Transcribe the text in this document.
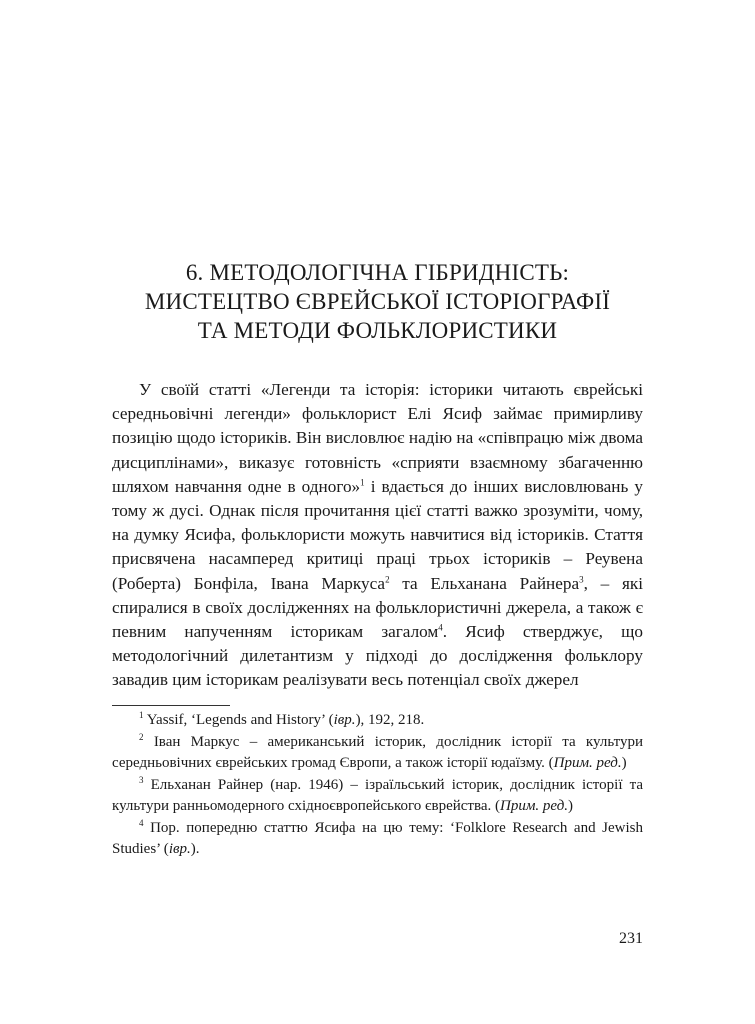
6. МЕТОДОЛОГІЧНА ГІБРИДНІСТЬ:
МИСТЕЦТВО ЄВРЕЙСЬКОЇ ІСТОРІОГРАФІЇ
ТА МЕТОДИ ФОЛЬКЛОРИСТИКИ

У своїй статті «Легенди та історія: історики читають єврейські середньовічні легенди» фольклорист Елі Ясиф займає примирливу позицію щодо істориків. Він висловлює надію на «співпрацю між двома дисциплінами», виказує готовність «сприяти взаємному збагаченню шляхом навчання одне в одного»$^1$ і вдається до інших висловлювань у тому ж дусі. Однак після прочитання цієї статті важко зрозуміти, чому, на думку Ясифа, фольклористи можуть навчитися від істориків. Стаття присвячена насамперед критиці праці трьох істориків – Реувена (Роберта) Бонфіла, Івана Маркуса$^2$ та Ельханана Райнера$^3$, – які спиралися в своїх дослідженнях на фольклористичні джерела, а також є певним напученням історикам загалом$^4$. Ясиф стверджує, що методологічний дилетантизм у підході до дослідження фольклору завадив цим історикам реалізувати весь потенціал своїх джерел

$^1$ Yassif, ‘Legends and History’ (івр.), 192, 218.

$^2$ Іван Маркус – американський історик, дослідник історії та культури середньовічних єврейських громад Європи, а також історії юдаїзму. (Прим. ред.)

$^3$ Ельханан Райнер (нар. 1946) – ізраїльський історик, дослідник історії та культури ранньомодерного східноєвропейського єврейства. (Прим. ред.)

$^4$ Пор. попередню статтю Ясифа на цю тему: ‘Folklore Research and Jewish Studies’ (івр.).

231
